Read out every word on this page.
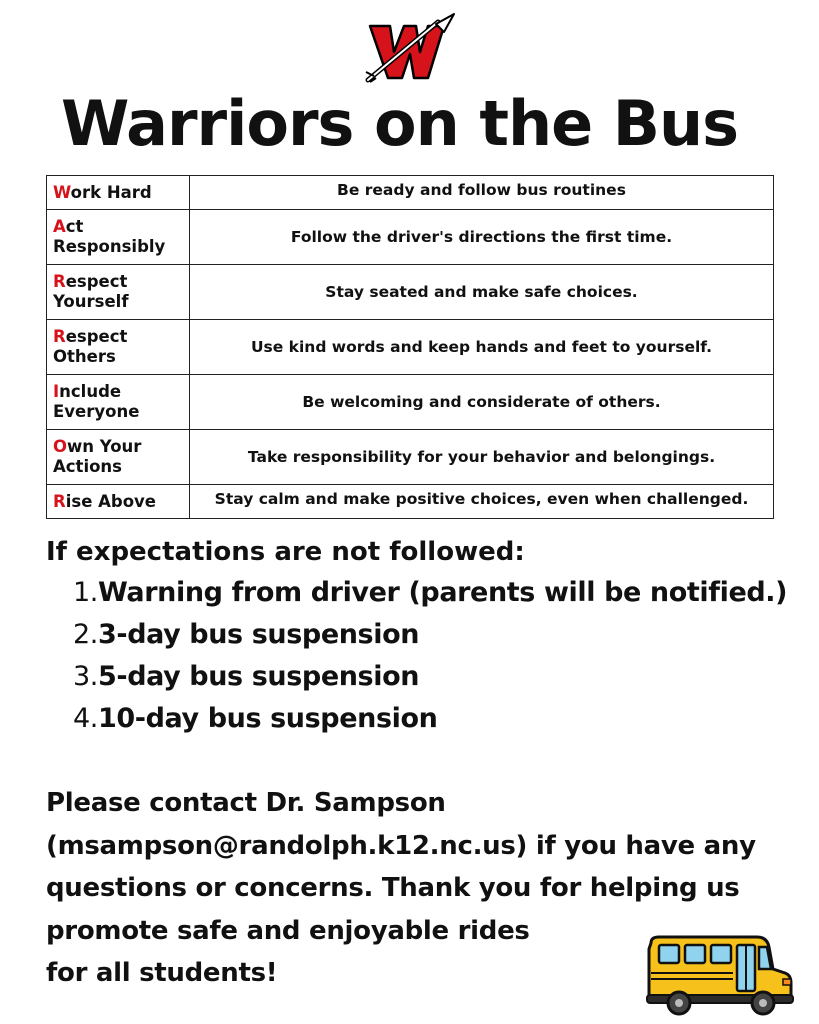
Warriors on the Bus
Work Hard	Be ready and follow bus routines
Act Responsibly	Follow the driver's directions the first time.
Respect Yourself	Stay seated and make safe choices.
Respect Others	Use kind words and keep hands and feet to yourself.
Include Everyone	Be welcoming and considerate of others.
Own Your Actions	Take responsibility for your behavior and belongings.
Rise Above	Stay calm and make positive choices, even when challenged.
If expectations are not followed:
1.Warning from driver (parents will be notified.)
2.3-day bus suspension
3.5-day bus suspension
4.10-day bus suspension
Please contact Dr. Sampson
(msampson@randolph.k12.nc.us) if you have any
questions or concerns. Thank you for helping us
promote safe and enjoyable rides
for all students!
